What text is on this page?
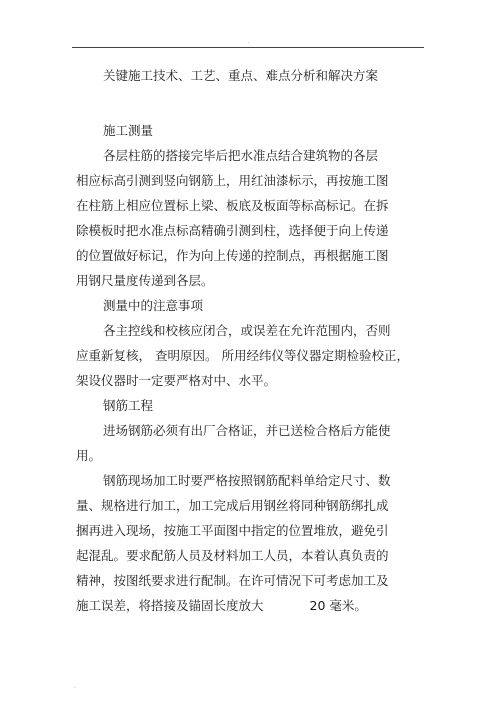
.
关键施工技术、工艺、重点、难点分析和解决方案
施工测量
各层柱筋的搭接完毕后把水准点结合建筑物的各层
相应标高引测到竖向钢筋上，用红油漆标示，再按施工图
在柱筋上相应位置标上梁、板底及板面等标高标记。在拆
除模板时把水准点标高精确引测到柱，选择便于向上传递
的位置做好标记，作为向上传递的控制点，再根据施工图
用钢尺量度传递到各层。
测量中的注意事项
各主控线和校核应闭合，或误差在允许范围内，否则
应重新复核， 查明原因。 所用经纬仪等仪器定期检验校正，
架设仪器时一定要严格对中、水平。
钢筋工程
进场钢筋必须有出厂合格证，并已送检合格后方能使
用。
钢筋现场加工时要严格按照钢筋配料单给定尺寸、数
量、规格进行加工，加工完成后用钢丝将同种钢筋绑扎成
捆再进入现场，按施工平面图中指定的位置堆放，避免引
起混乱。要求配筋人员及材料加工人员，本着认真负责的
精神，按图纸要求进行配制。在许可情况下可考虑加工及
施工误差，将搭接及锚固长度放大	20 毫米。
.
